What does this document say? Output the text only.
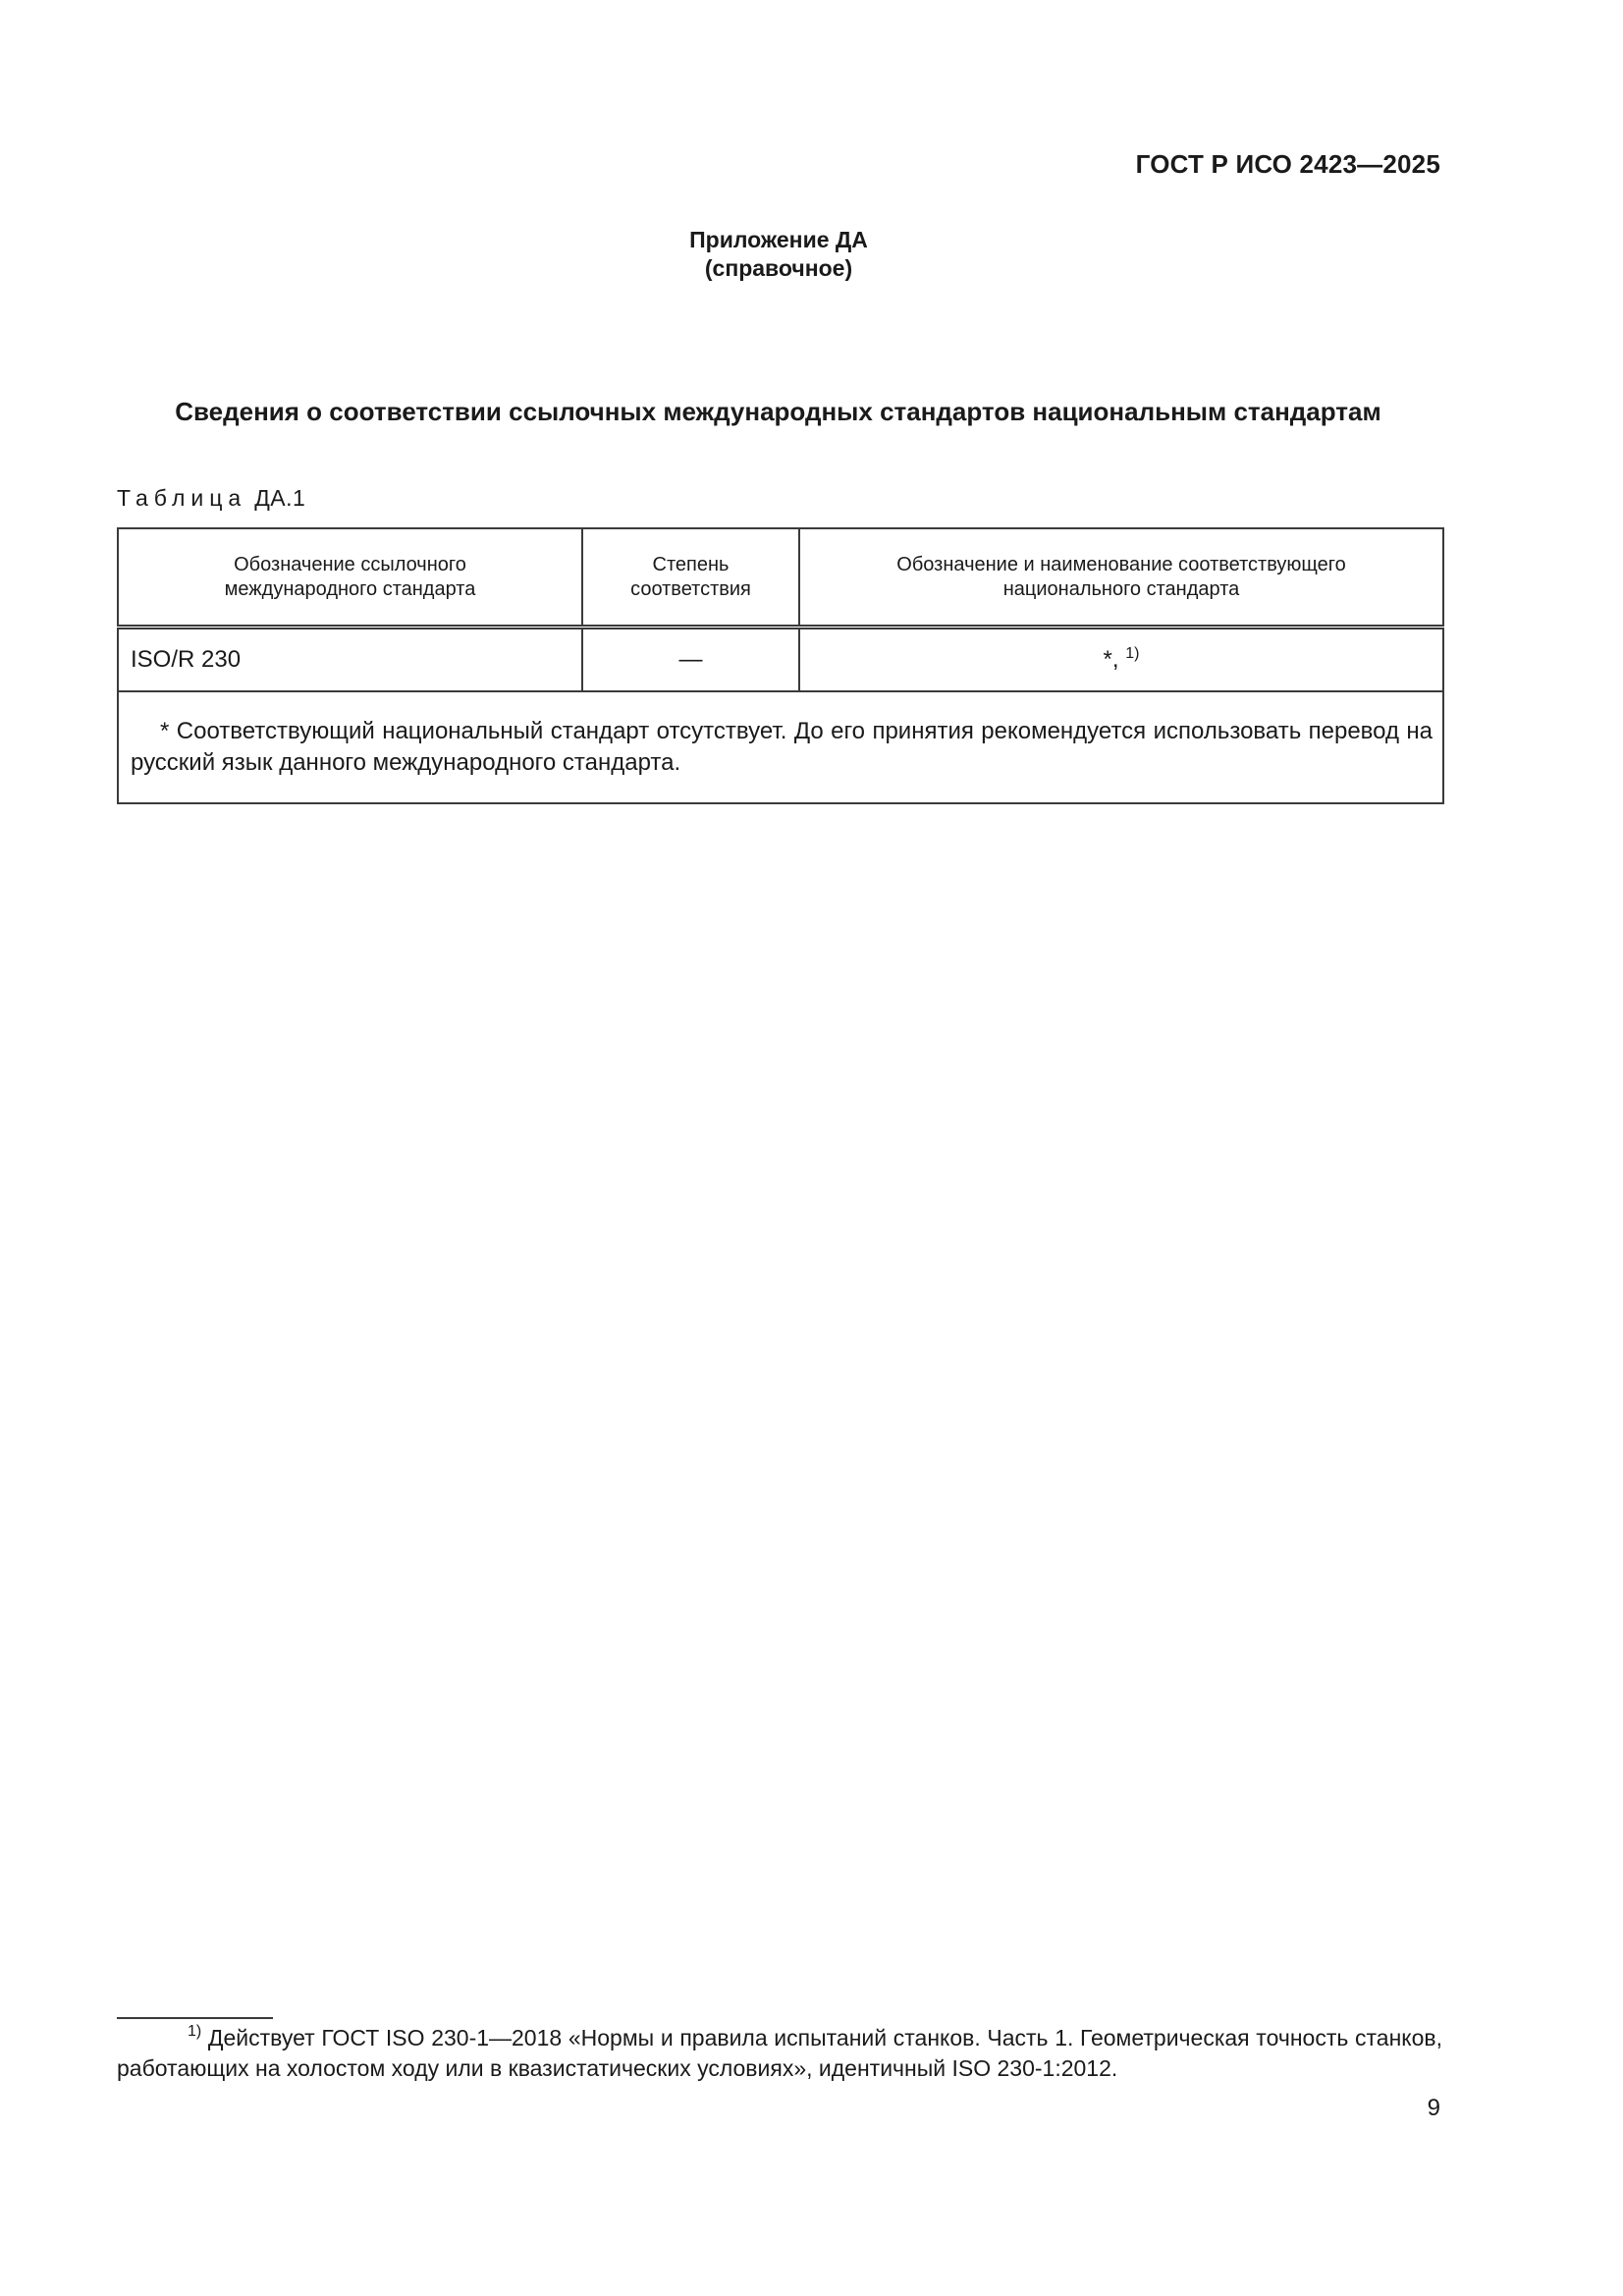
ГОСТ Р ИСО 2423—2025
Приложение ДА
(справочное)
Сведения о соответствии ссылочных международных стандартов национальным стандартам
Таблица ДА.1
Обозначение ссылочного международного стандарта	Степень соответствия	Обозначение и наименование соответствующего национального стандарта

ISO/R 230	—	*, $^{1)}$

* Соответствующий национальный стандарт отсутствует. До его принятия рекомендуется использовать перевод на русский язык данного международного стандарта.		
$^{1)}$ Действует ГОСТ ISO 230-1—2018 «Нормы и правила испытаний станков. Часть 1. Геометрическая точность станков, работающих на холостом ходу или в квазистатических условиях», идентичный ISO 230-1:2012.
9
